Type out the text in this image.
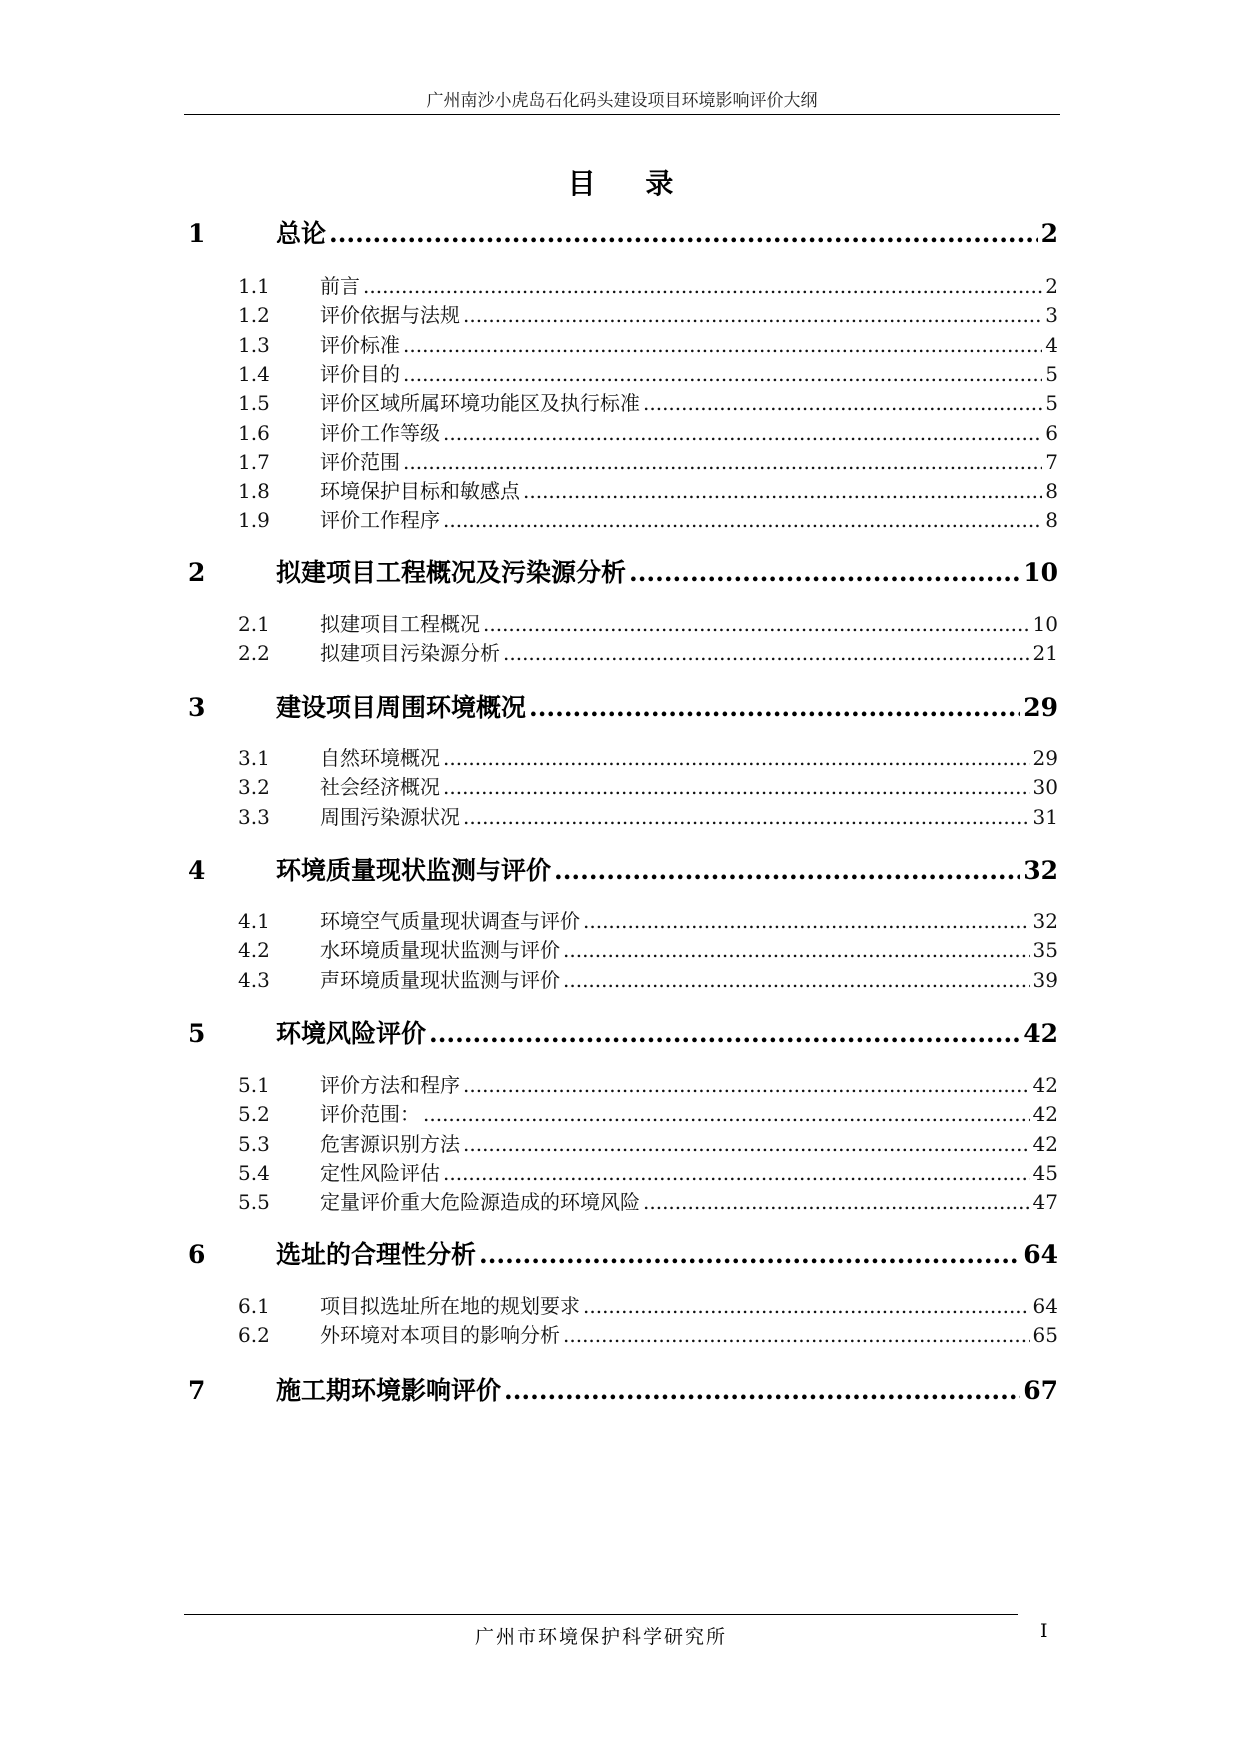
广州南沙小虎岛石化码头建设项目环境影响评价大纲
目 录
1	总论 .....	2
1.1	前言 .....	2
1.2	评价依据与法规 .....	3
1.3	评价标准 .....	4
1.4	评价目的 .....	5
1.5	评价区域所属环境功能区及执行标准 .....	5
1.6	评价工作等级 .....	6
1.7	评价范围 .....	7
1.8	环境保护目标和敏感点 .....	8
1.9	评价工作程序 .....	8
2	拟建项目工程概况及污染源分析 .....	10
2.1	拟建项目工程概况 .....	10
2.2	拟建项目污染源分析 .....	21
3	建设项目周围环境概况 .....	29
3.1	自然环境概况 .....	29
3.2	社会经济概况 .....	30
3.3	周围污染源状况 .....	31
4	环境质量现状监测与评价 .....	32
4.1	环境空气质量现状调查与评价 .....	32
4.2	水环境质量现状监测与评价 .....	35
4.3	声环境质量现状监测与评价 .....	39
5	环境风险评价 .....	42
5.1	评价方法和程序 .....	42
5.2	评价范围： .....	42
5.3	危害源识别方法 .....	42
5.4	定性风险评估 .....	45
5.5	定量评价重大危险源造成的环境风险 .....	47
6	选址的合理性分析 .....	64
6.1	项目拟选址所在地的规划要求 .....	64
6.2	外环境对本项目的影响分析 .....	65
7	施工期环境影响评价 .....	67
广州市环境保护科学研究所	I
